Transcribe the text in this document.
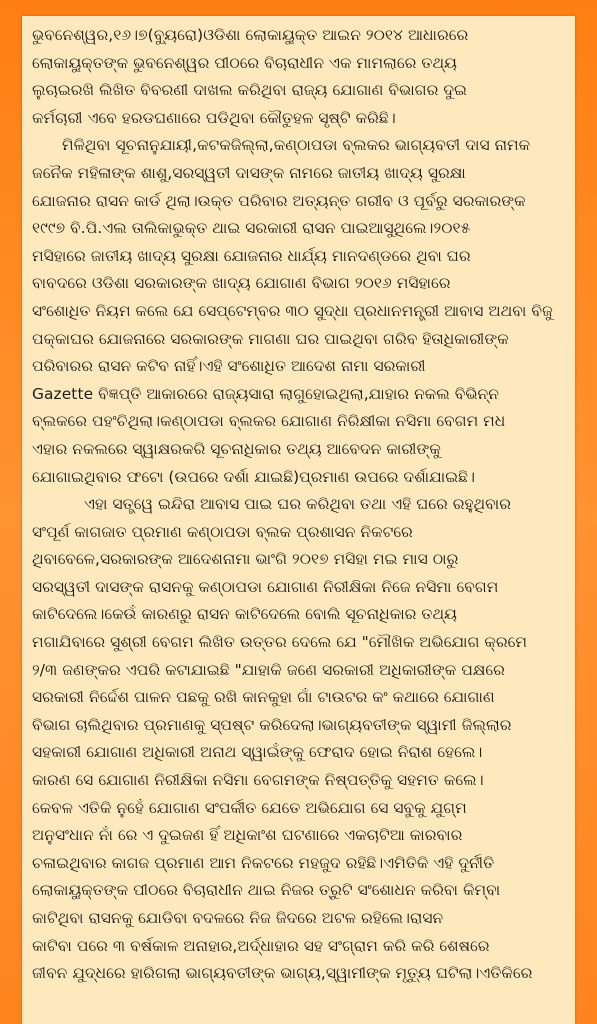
ଭୁବନେଶ୍ୱର,୧୬।୭(ବ୍ୟୁରୋ)ଓଡିଶା ଲୋକାୟୁକ୍ତ ଆଇନ ୨୦୧୪ ଆଧାରରେ
ଲୋକାୟୁକ୍ତଙ୍କ ଭୁବନେଶ୍ୱର ପୀଠରେ ବିଚାରାଧୀନ ଏକ ମାମଲାରେ ତଥ୍ୟ
ଲୁଚାଇରଖି ଲିଖିତ ବିବରଣୀ ଦାଖଲ କରିଥିବା ରାଜ୍ୟ ଯୋଗାଣ ବିଭାଗର ଦୁଇ
କର୍ମଚାରୀ ଏବେ ହରଡଘଣାରେ ପଡିଥିବା କୌତୁହଳ ସୃଷ୍ଟି କରିଛି।
ମିଳିଥିବା ସୂଚନାନୁଯାୟୀ,କଟକଜିଲ୍ଲା,କଣ୍ଠାପଡା ବ୍ଲକର ଭାଗ୍ୟବତୀ ଦାସ ନାମକ
ଜନୈକ ମହିଳାଙ୍କ ଶାଶୁ,ସରସ୍ୱତୀ ଦାସଙ୍କ ନାମରେ ଜାତୀୟ ଖାଦ୍ୟ ସୁରକ୍ଷା
ଯୋଜନାର ରାସନ କାର୍ଡ ଥିଲା।ଉକ୍ତ ପରିବାର ଅତ୍ୟନ୍ତ ଗରୀବ ଓ ପୂର୍ବରୁ ସରକାରଙ୍କ
୧୯୯୭ ବି.ପି.ଏଲ ତାଲିକାଭୁକ୍ତ ଥାଇ ସରକାରୀ ରାସନ ପାଇଆସୁଥିଲେ।୨୦୧୫
ମସିହାରେ ଜାତୀୟ ଖାଦ୍ୟ ସୁରକ୍ଷା ଯୋଜନାର ଧାର୍ଯ୍ୟ ମାନଦଣ୍ଡରେ ଥିବା ଘର
ବାବଦରେ ଓଡିଶା ସରକାରଙ୍କ ଖାଦ୍ୟ ଯୋଗାଣ ବିଭାଗ ୨୦୧୬ ମସିହାରେ
ସଂଶୋଧିତ ନିୟମ କଲେ ଯେ ସେପ୍ଟେମ୍ବର ୩୦ ସୁଦ୍ଧା ପ୍ରଧାନମନ୍ତ୍ରୀ ଆବାସ ଅଥବା ବିଜୁ
ପକ୍କାଘର ଯୋଜନାରେ ସରକାରଙ୍କ ମାଗଣା ଘର ପାଇଥିବା ଗରିବ ହିତାଧିକାରୀଙ୍କ
ପରିବାରର ରାସନ କଟିବ ନାହିଁ।ଏହି ସଂଶୋଧିତ ଆଦେଶ ନାମା ସରକାରୀ
Gazette ବିଜ୍ଞପ୍ତି ଆକାରରେ ରାଜ୍ୟସାରା ଲାଗୁହୋଇଥିଲା,ଯାହାର ନକଲ ବିଭିନ୍ନ
ବ୍ଲକରେ ପହଂଚିଥିଲା।କଣ୍ଠାପଡା ବ୍ଲକର ଯୋଗାଣ ନିରିକ୍ଷୀକା ନସିମା ବେଗମ ମଧ
ଏହାର ନକଲରେ ସ୍ୱାକ୍ଷରକରି ସୂଚନାଧିକାର ତଥ୍ୟ ଆବେଦନ କାରୀଙ୍କୁ
ଯୋଗାଇଥିବାର ଫଟୋ (ଉପରେ ଦର୍ଶା ଯାଇଛି)ପ୍ରମାଣ ଉପରେ ଦର୍ଶାଯାଇଛି।
ଏହା ସତ୍ତ୍ୱେ ଇନ୍ଦିରା ଆବାସ ପାଇ ଘର କରିଥିବା ତଥା ଏହି ଘରେ ରହୁଥିବାର
ସଂପୂର୍ଣ କାଗଜାତ ପ୍ରମାଣ କଣ୍ଠାପଡା ବ୍ଲକ ପ୍ରଶାସନ ନିକଟରେ
ଥିବାବେଳେ,ସରକାରଙ୍କ ଆଦେଶନାମା ଭାଂଗି ୨୦୧୭ ମସିହା ମଇ ମାସ ଠାରୁ
ସରସ୍ୱତୀ ଦାସଙ୍କ ରାସନକୁ କଣ୍ଠାପଡା ଯୋଗାଣ ନିରୀକ୍ଷିକା ନିଜେ ନସିମା ବେଗମ
କାଟିଦେଲେ।କେଉଁ କାରଣରୁ ରାସନ କାଟିଦେଲେ ବୋଲି ସୂଚନାଧିକାର ତଥ୍ୟ
ମଗାଯିବାରେ ସୁଶ୍ରୀ ବେଗମ ଲିଖିତ ଉତ୍ତର ଦେଲେ ଯେ "ମୌଖିକ ଅଭିଯୋଗ କ୍ରମେ
୨/୩ ଜଣଙ୍କର ଏପରି କଟାଯାଇଛି "ଯାହାକି ଜଣେ ସରକାରୀ ଅଧିକାରୀଙ୍କ ପକ୍ଷରେ
ସରକାରୀ ନିର୍ଦ୍ଦେଶ ପାଳନ ପଛକୁ ରଖି କାନକୁହା ଗାଁ ଟାଉଟର କଂ କଥାରେ ଯୋଗାଣ
ବିଭାଗ ଚାଲିଥିବାର ପ୍ରମାଣକୁ ସ୍ପଷ୍ଟ କରିଦେଲା।ଭାଗ୍ୟବତୀଙ୍କ ସ୍ୱାମୀ ଜିଲ୍ଲାର
ସହକାରୀ ଯୋଗାଣ ଅଧିକାରୀ ଅନାଥ ସ୍ୱାଇଁଙ୍କୁ ଫେରାଦ ହୋଇ ନିରାଶ ହେଲେ।
କାରଣ ସେ ଯୋଗାଣ ନିରୀକ୍ଷିକା ନସିମା ବେଗମଙ୍କ ନିଷ୍ପତ୍ତିକୁ ସହମତ କଲେ।
କେବଳ ଏତିକି ନୁହେଁ ଯୋଗାଣ ସଂପର୍କୀତ ଯେତେ ଅଭିଯୋଗ ସେ ସବୁକୁ ଯୁଗ୍ମ
ଅନୁସଂଧାନ ନାଁ ରେ ଏ ଦୁଇଜଣ ହିଁ ଅଧିକାଂଶ ଘଟଣାରେ ଏକଚାଟିଆ କାରବାର
ଚଳାଇଥିବାର କାଗଜ ପ୍ରମାଣ ଆମ ନିକଟରେ ମହଜୁଦ ରହିଛି।ଏମିତିକି ଏହି ଦୁର୍ନୀତି
ଲୋକାୟୁକ୍ତଙ୍କ ପୀଠରେ ବିଚାରାଧୀନ ଥାଇ ନିଜର ତ୍ରୁଟି ସଂଶୋଧନ କରିବା କିମ୍ବା
କାଟିଥିବା ରାସନକୁ ଯୋଡିବା ବଦଳରେ ନିଜ ଜିଦରେ ଅଟଳ ରହିଲେ।ରାସନ
କାଟିବା ପରେ ୩ ବର୍ଷକାଳ ଅନାହାର,ଅର୍ଦ୍ଧାହାର ସହ ସଂଗ୍ରାମ କରି କରି ଶେଷରେ
ଜୀବନ ଯୁଦ୍ଧରେ ହାରିଗଲା ଭାଗ୍ୟବତୀଙ୍କ ଭାଗ୍ୟ,ସ୍ୱାମୀଙ୍କ ମୃତ୍ୟୁ ଘଟିଲା।ଏତିକିରେ
